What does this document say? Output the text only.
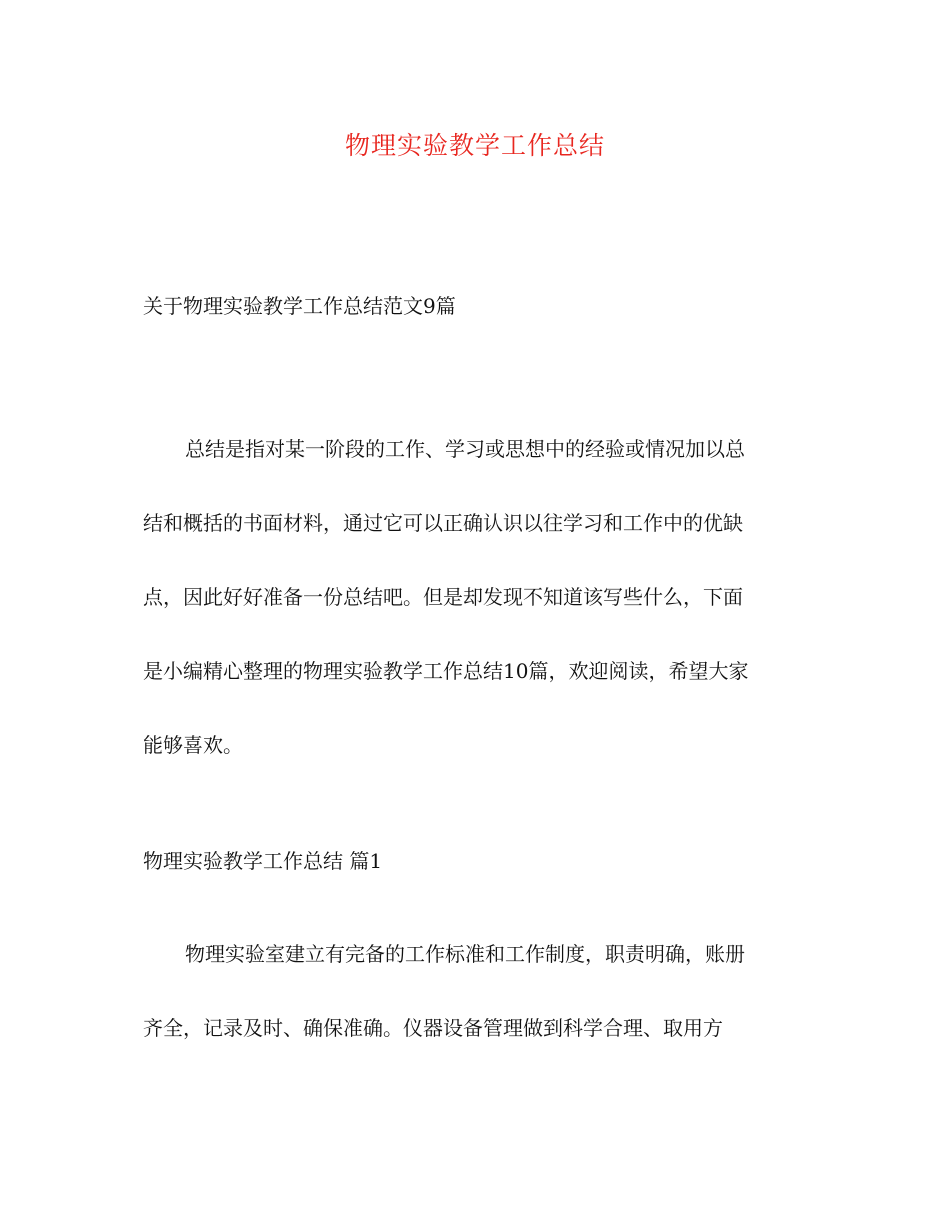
物理实验教学工作总结
关于物理实验教学工作总结范文9篇
总结是指对某一阶段的工作、学习或思想中的经验或情况加以总
结和概括的书面材料，通过它可以正确认识以往学习和工作中的优缺
点，因此好好准备一份总结吧。但是却发现不知道该写些什么，下面
是小编精心整理的物理实验教学工作总结10篇，欢迎阅读，希望大家
能够喜欢。
物理实验教学工作总结 篇1
物理实验室建立有完备的工作标准和工作制度，职责明确，账册
齐全，记录及时、确保准确。仪器设备管理做到科学合理、取用方
